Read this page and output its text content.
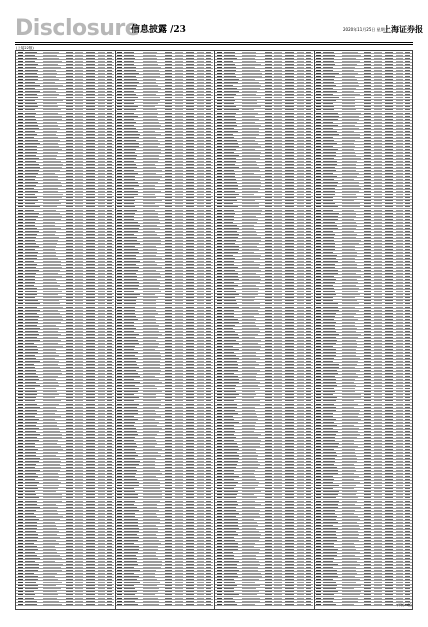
Disclosure
信息披露 /23	2020年11月25日 星期三
上海证券报
(上接22版)
(下转24版)
